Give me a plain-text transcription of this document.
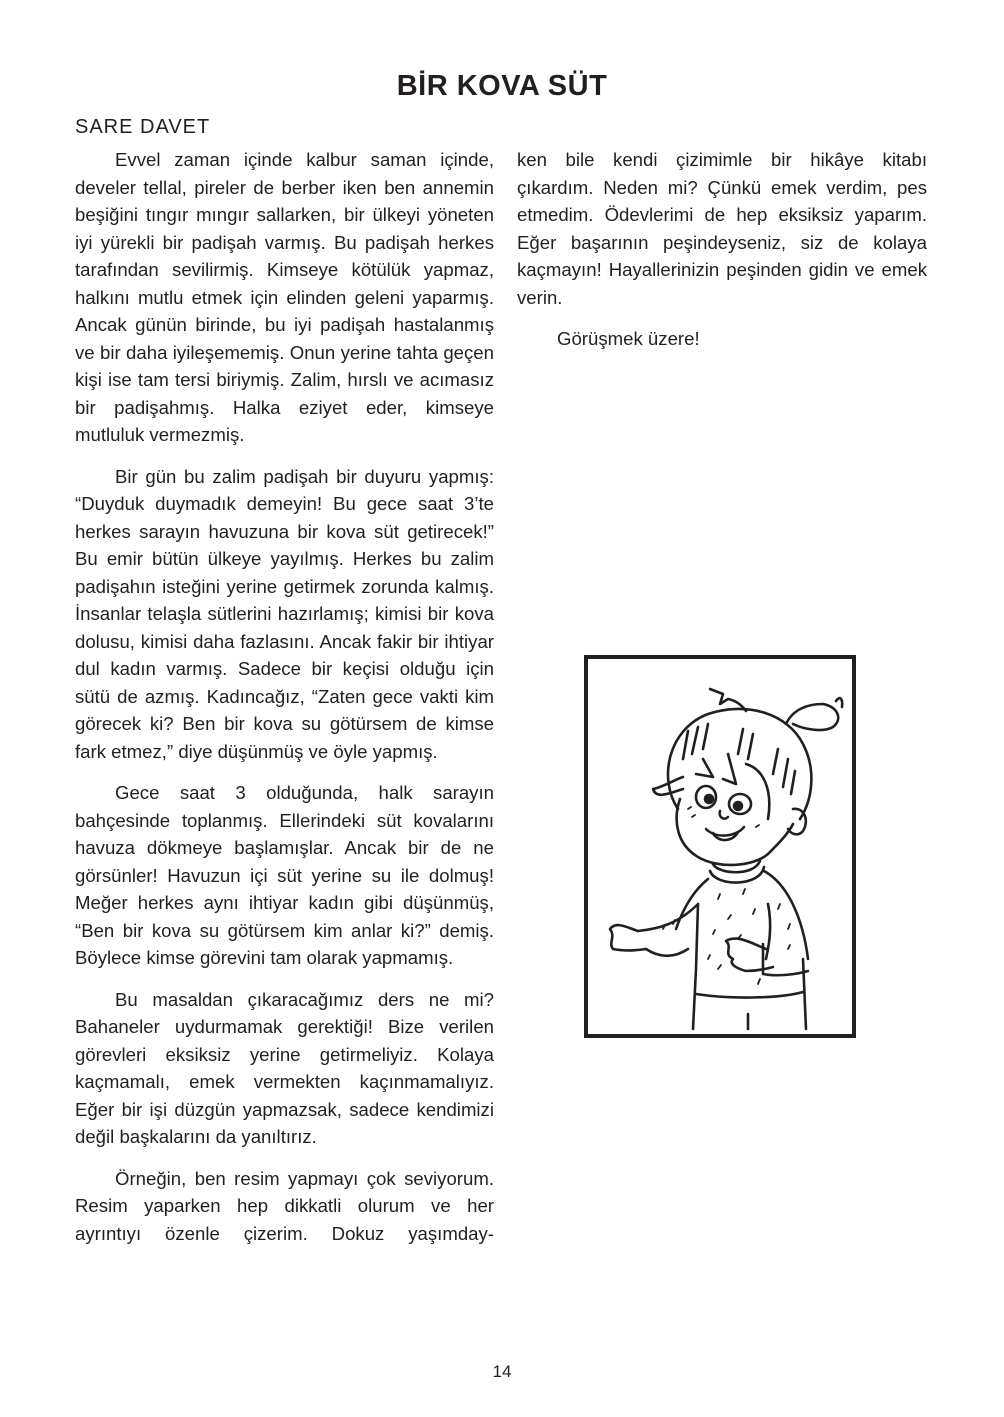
BİR KOVA SÜT
SARE DAVET

Evvel zaman içinde kalbur saman içinde, develer tellal, pireler de berber iken ben annemin beşiğini tıngır mıngır sallarken, bir ülkeyi yöneten iyi yürekli bir padişah varmış. Bu padişah herkes tarafından sevilirmiş. Kimseye kötülük yapmaz, halkını mutlu etmek için elinden geleni yaparmış. Ancak günün birinde, bu iyi padişah hastalanmış ve bir daha iyileşememiş. Onun yerine tahta geçen kişi ise tam tersi biriymiş. Zalim, hırslı ve acımasız bir padişahmış. Halka eziyet eder, kimseye mutluluk vermezmiş.

Bir gün bu zalim padişah bir duyuru yapmış: “Duyduk duymadık demeyin! Bu gece saat 3’te herkes sarayın havuzuna bir kova süt getirecek!” Bu emir bütün ülkeye yayılmış. Herkes bu zalim padişahın isteğini yerine getirmek zorunda kalmış. İnsanlar telaşla sütlerini hazırlamış; kimisi bir kova dolusu, kimisi daha fazlasını. Ancak fakir bir ihtiyar dul kadın varmış. Sadece bir keçisi olduğu için sütü de azmış. Kadıncağız, “Zaten gece vakti kim görecek ki? Ben bir kova su götürsem de kimse fark etmez,” diye düşünmüş ve öyle yapmış.

Gece saat 3 olduğunda, halk sarayın bahçesinde toplanmış. Ellerindeki süt kovalarını havuza dökmeye başlamışlar. Ancak bir de ne görsünler! Havuzun içi süt yerine su ile dolmuş! Meğer herkes aynı ihtiyar kadın gibi düşünmüş, “Ben bir kova su götürsem kim anlar ki?” demiş. Böylece kimse görevini tam olarak yapmamış.

Bu masaldan çıkaracağımız ders ne mi? Bahaneler uydurmamak gerektiği! Bize verilen görevleri eksiksiz yerine getirmeliyiz. Kolaya kaçmamalı, emek vermekten kaçınmamalıyız. Eğer bir işi düzgün yapmazsak, sadece kendimizi değil başkalarını da yanıltırız.

Örneğin, ben resim yapmayı çok seviyorum. Resim yaparken hep dikkatli olurum ve her ayrıntıyı özenle çizerim. Dokuz yaşımday-

ken bile kendi çizimimle bir hikâye kitabı çıkardım. Neden mi? Çünkü emek verdim, pes etmedim. Ödevlerimi de hep eksiksiz yaparım. Eğer başarının peşindeyseniz, siz de kolaya kaçmayın! Hayallerinizin peşinden gidin ve emek verin.

Görüşmek üzere!

14
